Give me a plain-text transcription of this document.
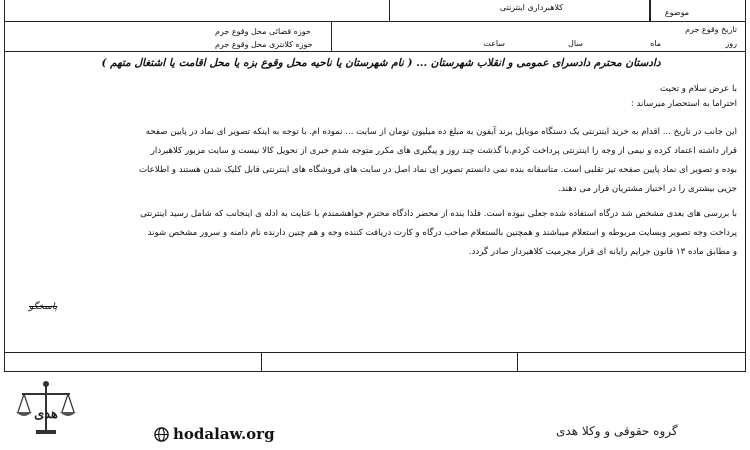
کلاهبرداری اینترنتی
موضوع
تاریخ وقوع جرم
روز
ماه
سال
ساعت
حوزه قضائی محل وقوع جرم
حوزه کلانتری محل وقوع جرم
دادستان محترم دادسرای عمومی و انقلاب شهرستان ... ( نام شهرستان یا ناحیه محل وقوع بزه یا محل اقامت یا اشتغال متهم )
با عرض سلام و تحیت
احتراما به استحضار میرساند :
این جانب در تاریخ ... اقدام به خرید اینترنتی یک دستگاه موبایل برند آیفون به مبلغ ده میلیون تومان از سایت ... نموده ام. با توجه به اینکه تصویر ای نماد در پایین صفحه
قرار داشته اعتماد کرده و نیمی از وجه را اینترنتی پرداخت کردم.با گذشت چند روز و پیگیری های مکرر متوجه شدم خبری از تحویل کالا نیست و سایت مزبور کلاهبردار
بوده و تصویر ای نماد پایین صفحه تیز تقلبی است. متاسفانه بنده نمی دانستم تصویر ای نماد اصل در سایت های فروشگاه های اینترنتی قابل کلیک شدن هستند و اطلاعات
جزیی بیشتری را در اختیار مشتریان قرار می دهند.
با بررسی های بعدی مشخص شد درگاه استفاده شده جعلی نبوده است. فلذا بنده از محضر دادگاه محترم خواهشمندم با عنایت به ادله ی اینجانب که شامل رسید اینترنتی
پرداخت وجه تصویر وبسایت مربوطه و استعلام میباشند و همچنین بالستعلام صاحب درگاه و کارت دریافت کننده وجه و هم چنین دارنده نام دامنه و سرور مشخص شوند
و مطابق ماده ۱۳ قانون جرایم رایانه ای قرار مجرمیت کلاهبردار صادر گردد.
پاسخگو
هدی
hodalaw.org	گروه حقوقی و وکلا هدی
